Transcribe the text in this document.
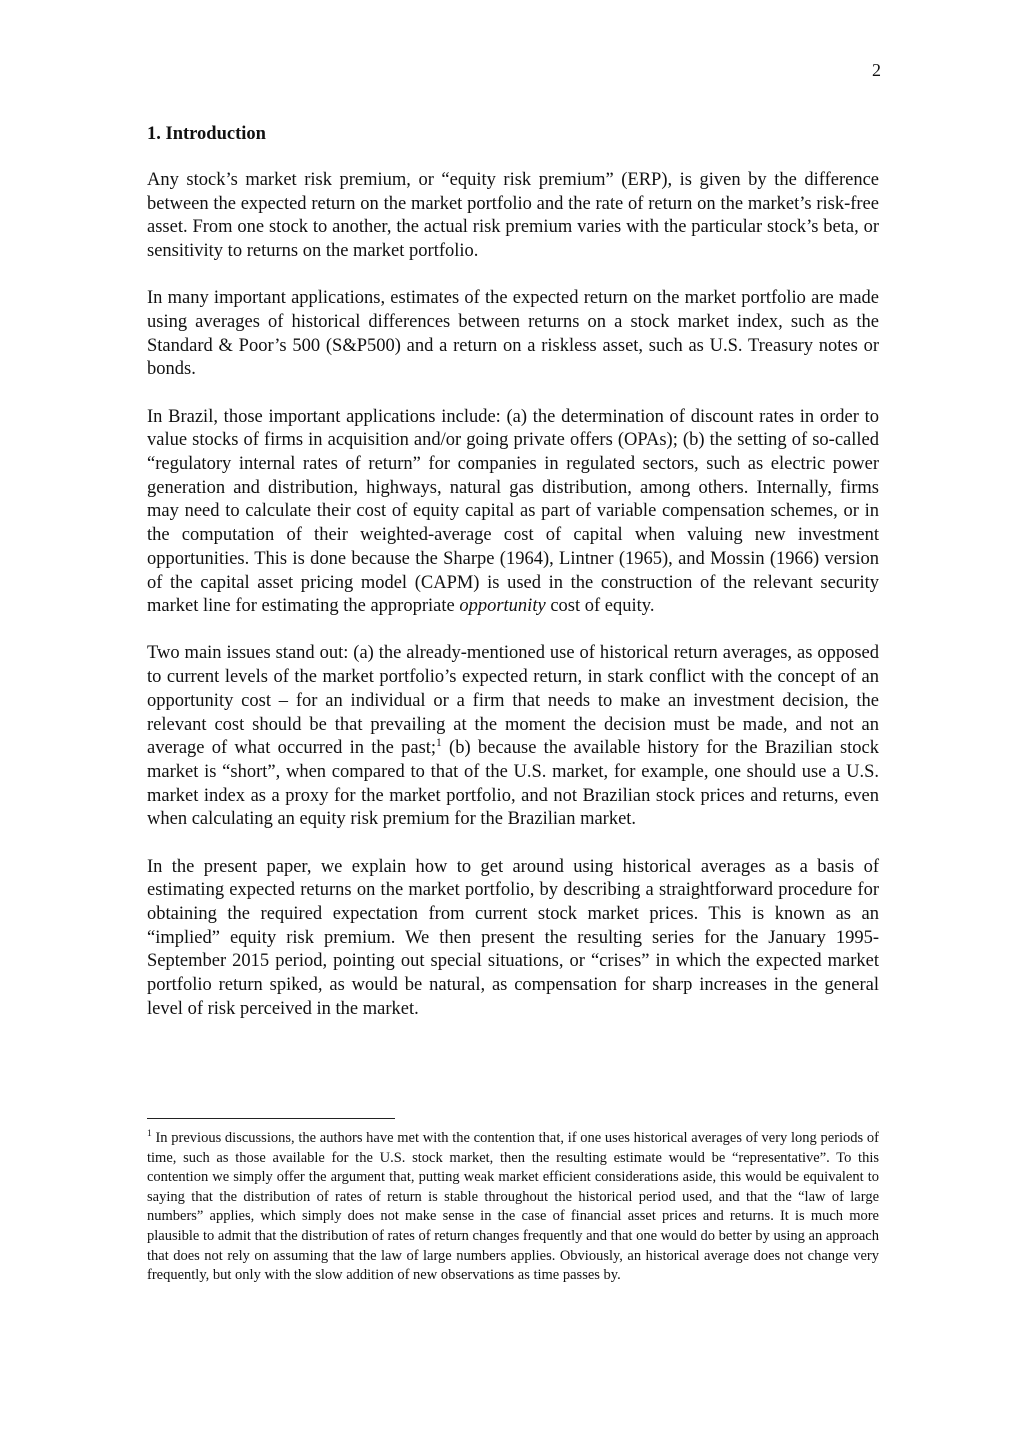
2
1. Introduction

Any stock’s market risk premium, or “equity risk premium” (ERP), is given by the difference between the expected return on the market portfolio and the rate of return on the market’s risk-free asset. From one stock to another, the actual risk premium varies with the particular stock’s beta, or sensitivity to returns on the market portfolio.

In many important applications, estimates of the expected return on the market portfolio are made using averages of historical differences between returns on a stock market index, such as the Standard & Poor’s 500 (S&P500) and a return on a riskless asset, such as U.S. Treasury notes or bonds.

In Brazil, those important applications include: (a) the determination of discount rates in order to value stocks of firms in acquisition and/or going private offers (OPAs); (b) the setting of so-called “regulatory internal rates of return” for companies in regulated sectors, such as electric power generation and distribution, highways, natural gas distribution, among others. Internally, firms may need to calculate their cost of equity capital as part of variable compensation schemes, or in the computation of their weighted-average cost of capital when valuing new investment opportunities. This is done because the Sharpe (1964), Lintner (1965), and Mossin (1966) version of the capital asset pricing model (CAPM) is used in the construction of the relevant security market line for estimating the appropriate opportunity cost of equity.

Two main issues stand out: (a) the already-mentioned use of historical return averages, as opposed to current levels of the market portfolio’s expected return, in stark conflict with the concept of an opportunity cost – for an individual or a firm that needs to make an investment decision, the relevant cost should be that prevailing at the moment the decision must be made, and not an average of what occurred in the past;$^1$ (b) because the available history for the Brazilian stock market is “short”, when compared to that of the U.S. market, for example, one should use a U.S. market index as a proxy for the market portfolio, and not Brazilian stock prices and returns, even when calculating an equity risk premium for the Brazilian market.

In the present paper, we explain how to get around using historical averages as a basis of estimating expected returns on the market portfolio, by describing a straightforward procedure for obtaining the required expectation from current stock market prices. This is known as an “implied” equity risk premium. We then present the resulting series for the January 1995-September 2015 period, pointing out special situations, or “crises” in which the expected market portfolio return spiked, as would be natural, as compensation for sharp increases in the general level of risk perceived in the market.

$^1$ In previous discussions, the authors have met with the contention that, if one uses historical averages of very long periods of time, such as those available for the U.S. stock market, then the resulting estimate would be “representative”. To this contention we simply offer the argument that, putting weak market efficient considerations aside, this would be equivalent to saying that the distribution of rates of return is stable throughout the historical period used, and that the “law of large numbers” applies, which simply does not make sense in the case of financial asset prices and returns. It is much more plausible to admit that the distribution of rates of return changes frequently and that one would do better by using an approach that does not rely on assuming that the law of large numbers applies. Obviously, an historical average does not change very frequently, but only with the slow addition of new observations as time passes by.
